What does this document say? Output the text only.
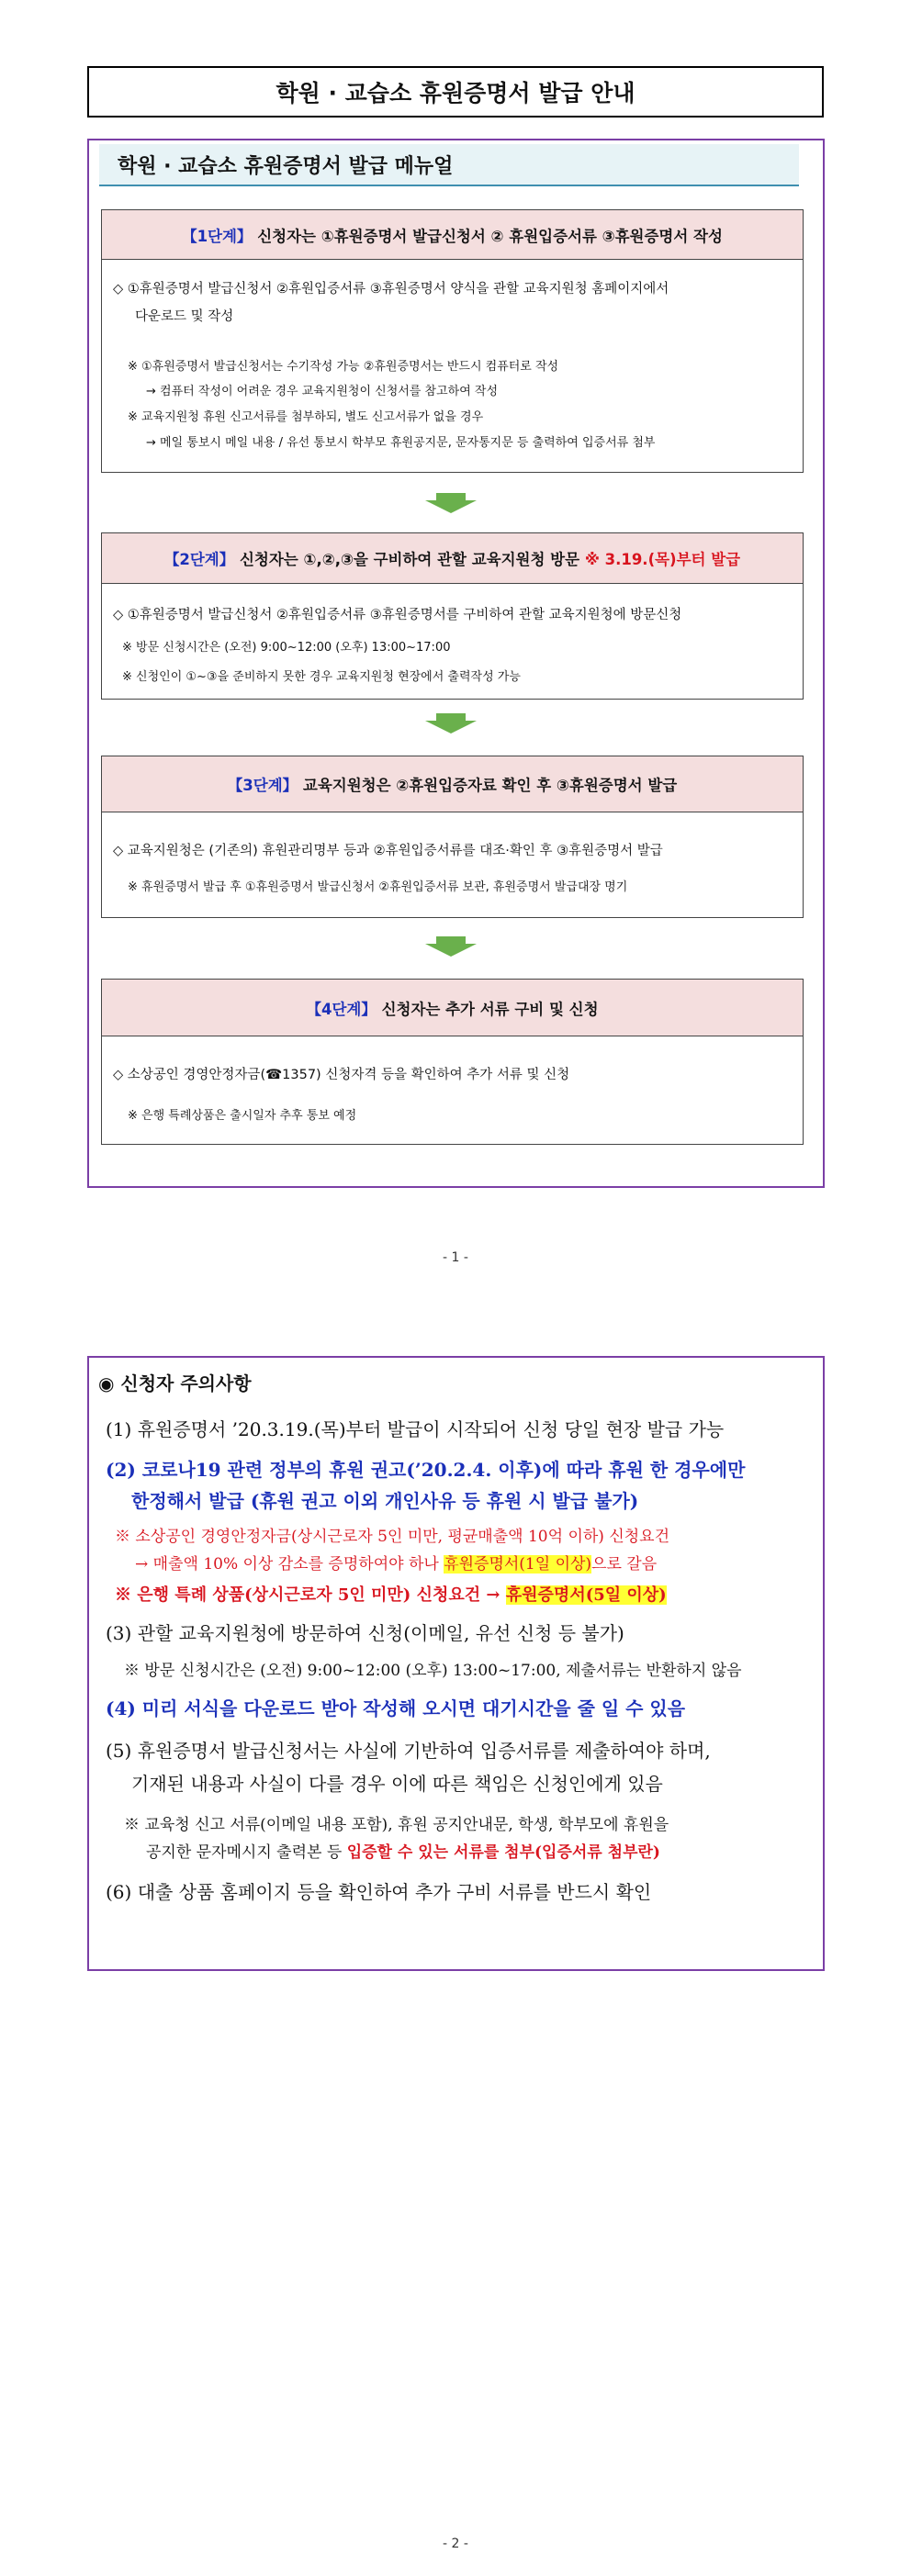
학원 · 교습소 휴원증명서 발급 안내
학원 · 교습소 휴원증명서 발급 메뉴얼
【1단계】
신청자는 ①휴원증명서 발급신청서 ② 휴원입증서류 ③휴원증명서 작성
◇ ①휴원증명서 발급신청서 ②휴원입증서류 ③휴원증명서 양식을 관할 교육지원청 홈페이지에서
다운로드 및 작성
※ ①휴원증명서 발급신청서는 수기작성 가능 ②휴원증명서는 반드시 컴퓨터로 작성
→ 컴퓨터 작성이 어려운 경우 교육지원청이 신청서를 참고하여 작성
※ 교육지원청 휴원 신고서류를 첨부하되, 별도 신고서류가 없을 경우
→ 메일 통보시 메일 내용 / 유선 통보시 학부모 휴원공지문, 문자통지문 등 출력하여 입증서류 첨부
【2단계】
신청자는 ①,②,③을 구비하여 관할 교육지원청 방문
※ 3.19.(목)부터 발급
◇ ①휴원증명서 발급신청서 ②휴원입증서류 ③휴원증명서를 구비하여 관할 교육지원청에 방문신청
※ 방문 신청시간은 (오전) 9:00~12:00 (오후) 13:00~17:00
※ 신청인이 ①~③을 준비하지 못한 경우 교육지원청 현장에서 출력작성 가능
【3단계】
교육지원청은 ②휴원입증자료 확인 후 ③휴원증명서 발급
◇ 교육지원청은 (기존의) 휴원관리명부 등과 ②휴원입증서류를 대조·확인 후 ③휴원증명서 발급
※ 휴원증명서 발급 후 ①휴원증명서 발급신청서 ②휴원입증서류 보관, 휴원증명서 발급대장 명기
【4단계】
신청자는 추가 서류 구비 및 신청
◇ 소상공인 경영안정자금(☎1357) 신청자격 등을 확인하여 추가 서류 및 신청
※ 은행 특례상품은 출시일자 추후 통보 예정
- 1 -
◉ 신청자 주의사항
(1) 휴원증명서 ’20.3.19.(목)부터 발급이 시작되어 신청 당일 현장 발급 가능
(2) 코로나19 관련 정부의 휴원 권고(’20.2.4. 이후)에 따라 휴원 한 경우에만
한정해서 발급 (휴원 권고 이외 개인사유 등 휴원 시 발급 불가)
※ 소상공인 경영안정자금(상시근로자 5인 미만, 평균매출액 10억 이하) 신청요건
→ 매출액 10% 이상 감소를 증명하여야 하나 휴원증명서(1일 이상)으로 갈음
※ 은행 특례 상품(상시근로자 5인 미만) 신청요건 → 휴원증명서(5일 이상)
(3) 관할 교육지원청에 방문하여 신청(이메일, 유선 신청 등 불가)
※ 방문 신청시간은 (오전) 9:00~12:00 (오후) 13:00~17:00, 제출서류는 반환하지 않음
(4) 미리 서식을 다운로드 받아 작성해 오시면 대기시간을 줄 일 수 있음
(5) 휴원증명서 발급신청서는 사실에 기반하여 입증서류를 제출하여야 하며,
기재된 내용과 사실이 다를 경우 이에 따른 책임은 신청인에게 있음
※ 교육청 신고 서류(이메일 내용 포함), 휴원 공지안내문, 학생, 학부모에 휴원을
공지한 문자메시지 출력본 등 입증할 수 있는 서류를 첨부(입증서류 첨부란)
(6) 대출 상품 홈페이지 등을 확인하여 추가 구비 서류를 반드시 확인
- 2 -
